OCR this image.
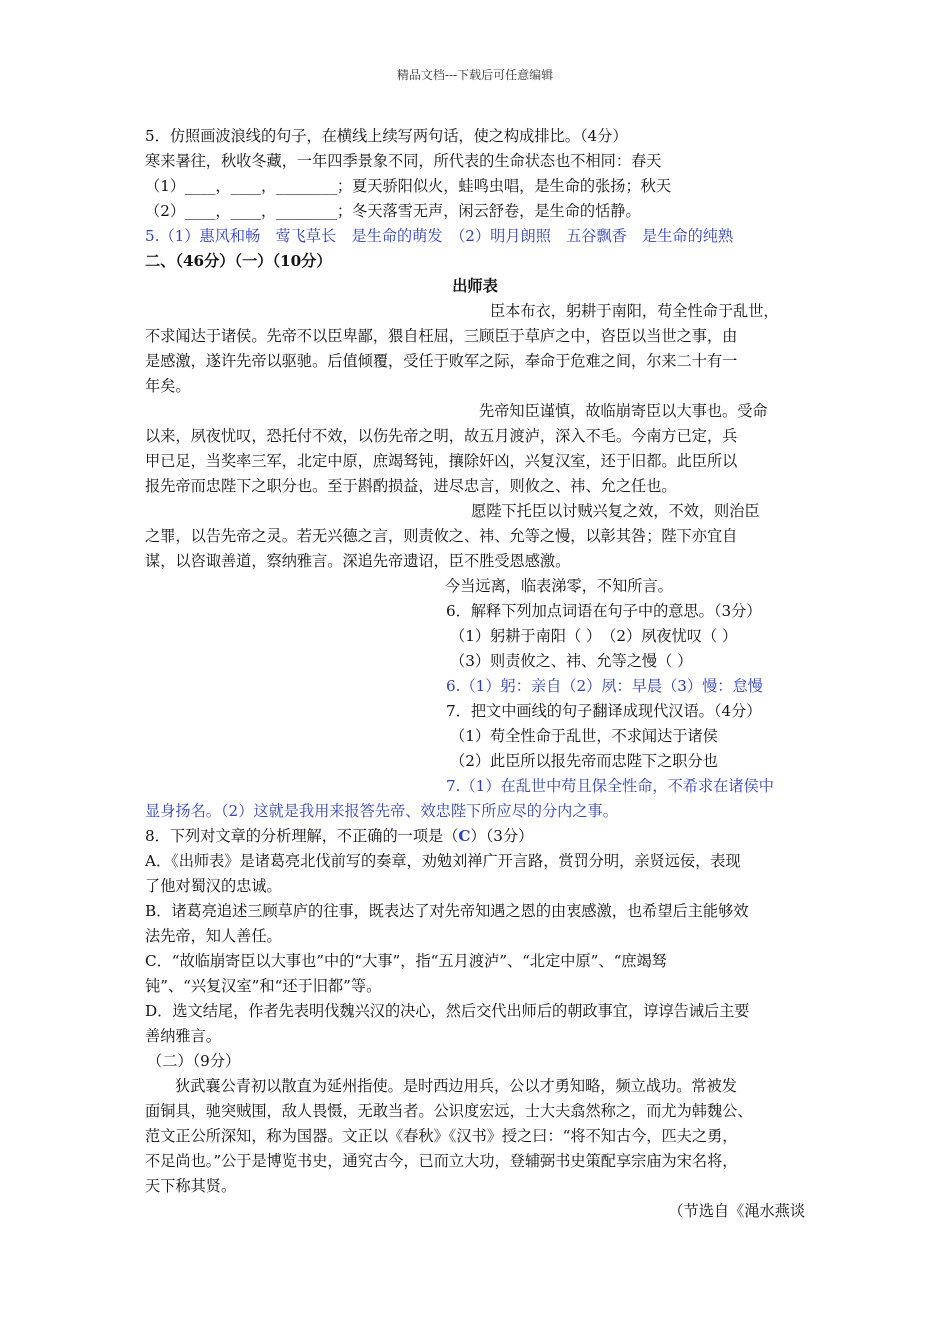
精品文档---下载后可任意编辑
5．仿照画波浪线的句子，在横线上续写两句话，使之构成排比。（4分）
寒来暑往，秋收冬藏，一年四季景象不同，所代表的生命状态也不相同：春天
（1）____，____，________；夏天骄阳似火，蛙鸣虫唱，是生命的张扬；秋天
（2）____，____，________；冬天落雪无声，闲云舒卷，是生命的恬静。
5.（1）惠风和畅　莺飞草长　是生命的萌发　（2）明月朗照　五谷飘香　是生命的纯熟
二、（46分）（一）（10分）
出师表
臣本布衣，躬耕于南阳，苟全性命于乱世，
不求闻达于诸侯。先帝不以臣卑鄙，猥自枉屈，三顾臣于草庐之中，咨臣以当世之事，由
是感激，遂许先帝以驱驰。后值倾覆，受任于败军之际，奉命于危难之间，尔来二十有一
年矣。
先帝知臣谨慎，故临崩寄臣以大事也。受命
以来，夙夜忧叹，恐托付不效，以伤先帝之明，故五月渡泸，深入不毛。今南方已定，兵
甲已足，当奖率三军，北定中原，庶竭驽钝，攘除奸凶，兴复汉室，还于旧都。此臣所以
报先帝而忠陛下之职分也。至于斟酌损益，进尽忠言，则攸之、祎、允之任也。
愿陛下托臣以讨贼兴复之效，不效，则治臣
之罪，以告先帝之灵。若无兴德之言，则责攸之、祎、允等之慢，以彰其咎；陛下亦宜自
谋，以咨诹善道，察纳雅言。深追先帝遗诏，臣不胜受恩感激。
今当远离，临表涕零，不知所言。
6．解释下列加点词语在句子中的意思。（3分）
（1）躬耕于南阳（ ）　（2）夙夜忧叹（ ）
（3）则责攸之、祎、允等之慢（ ）
6.（1）躬：亲自（2）夙：早晨（3）慢：怠慢
7．把文中画线的句子翻译成现代汉语。（4分）
（1）苟全性命于乱世，不求闻达于诸侯
（2）此臣所以报先帝而忠陛下之职分也
7.（1）在乱世中苟且保全性命，不希求在诸侯中
显身扬名。（2）这就是我用来报答先帝、效忠陛下所应尽的分内之事。
8．下列对文章的分析理解，不正确的一项是（C）（3分）
A．《出师表》是诸葛亮北伐前写的奏章，劝勉刘禅广开言路，赏罚分明，亲贤远佞，表现
了他对蜀汉的忠诚。
B．诸葛亮追述三顾草庐的往事，既表达了对先帝知遇之恩的由衷感激，也希望后主能够效
法先帝，知人善任。
C．“故临崩寄臣以大事也”中的“大事”，指“五月渡泸”、“北定中原”、“庶竭驽
钝”、“兴复汉室”和“还于旧都”等。
D．选文结尾，作者先表明伐魏兴汉的决心，然后交代出师后的朝政事宜，谆谆告诫后主要
善纳雅言。
（二）（9分）
狄武襄公青初以散直为延州指使。是时西边用兵，公以才勇知略，频立战功。常被发
面铜具，驰突贼围，敌人畏慑，无敢当者。公识度宏远，士大夫翕然称之，而尤为韩魏公、
范文正公所深知，称为国器。文正以《春秋》《汉书》授之曰：“将不知古今，匹夫之勇，
不足尚也。”公于是博览书史，通究古今，已而立大功，登辅弼书史策配享宗庙为宋名将，
天下称其贤。
（节选自《渑水燕谈
